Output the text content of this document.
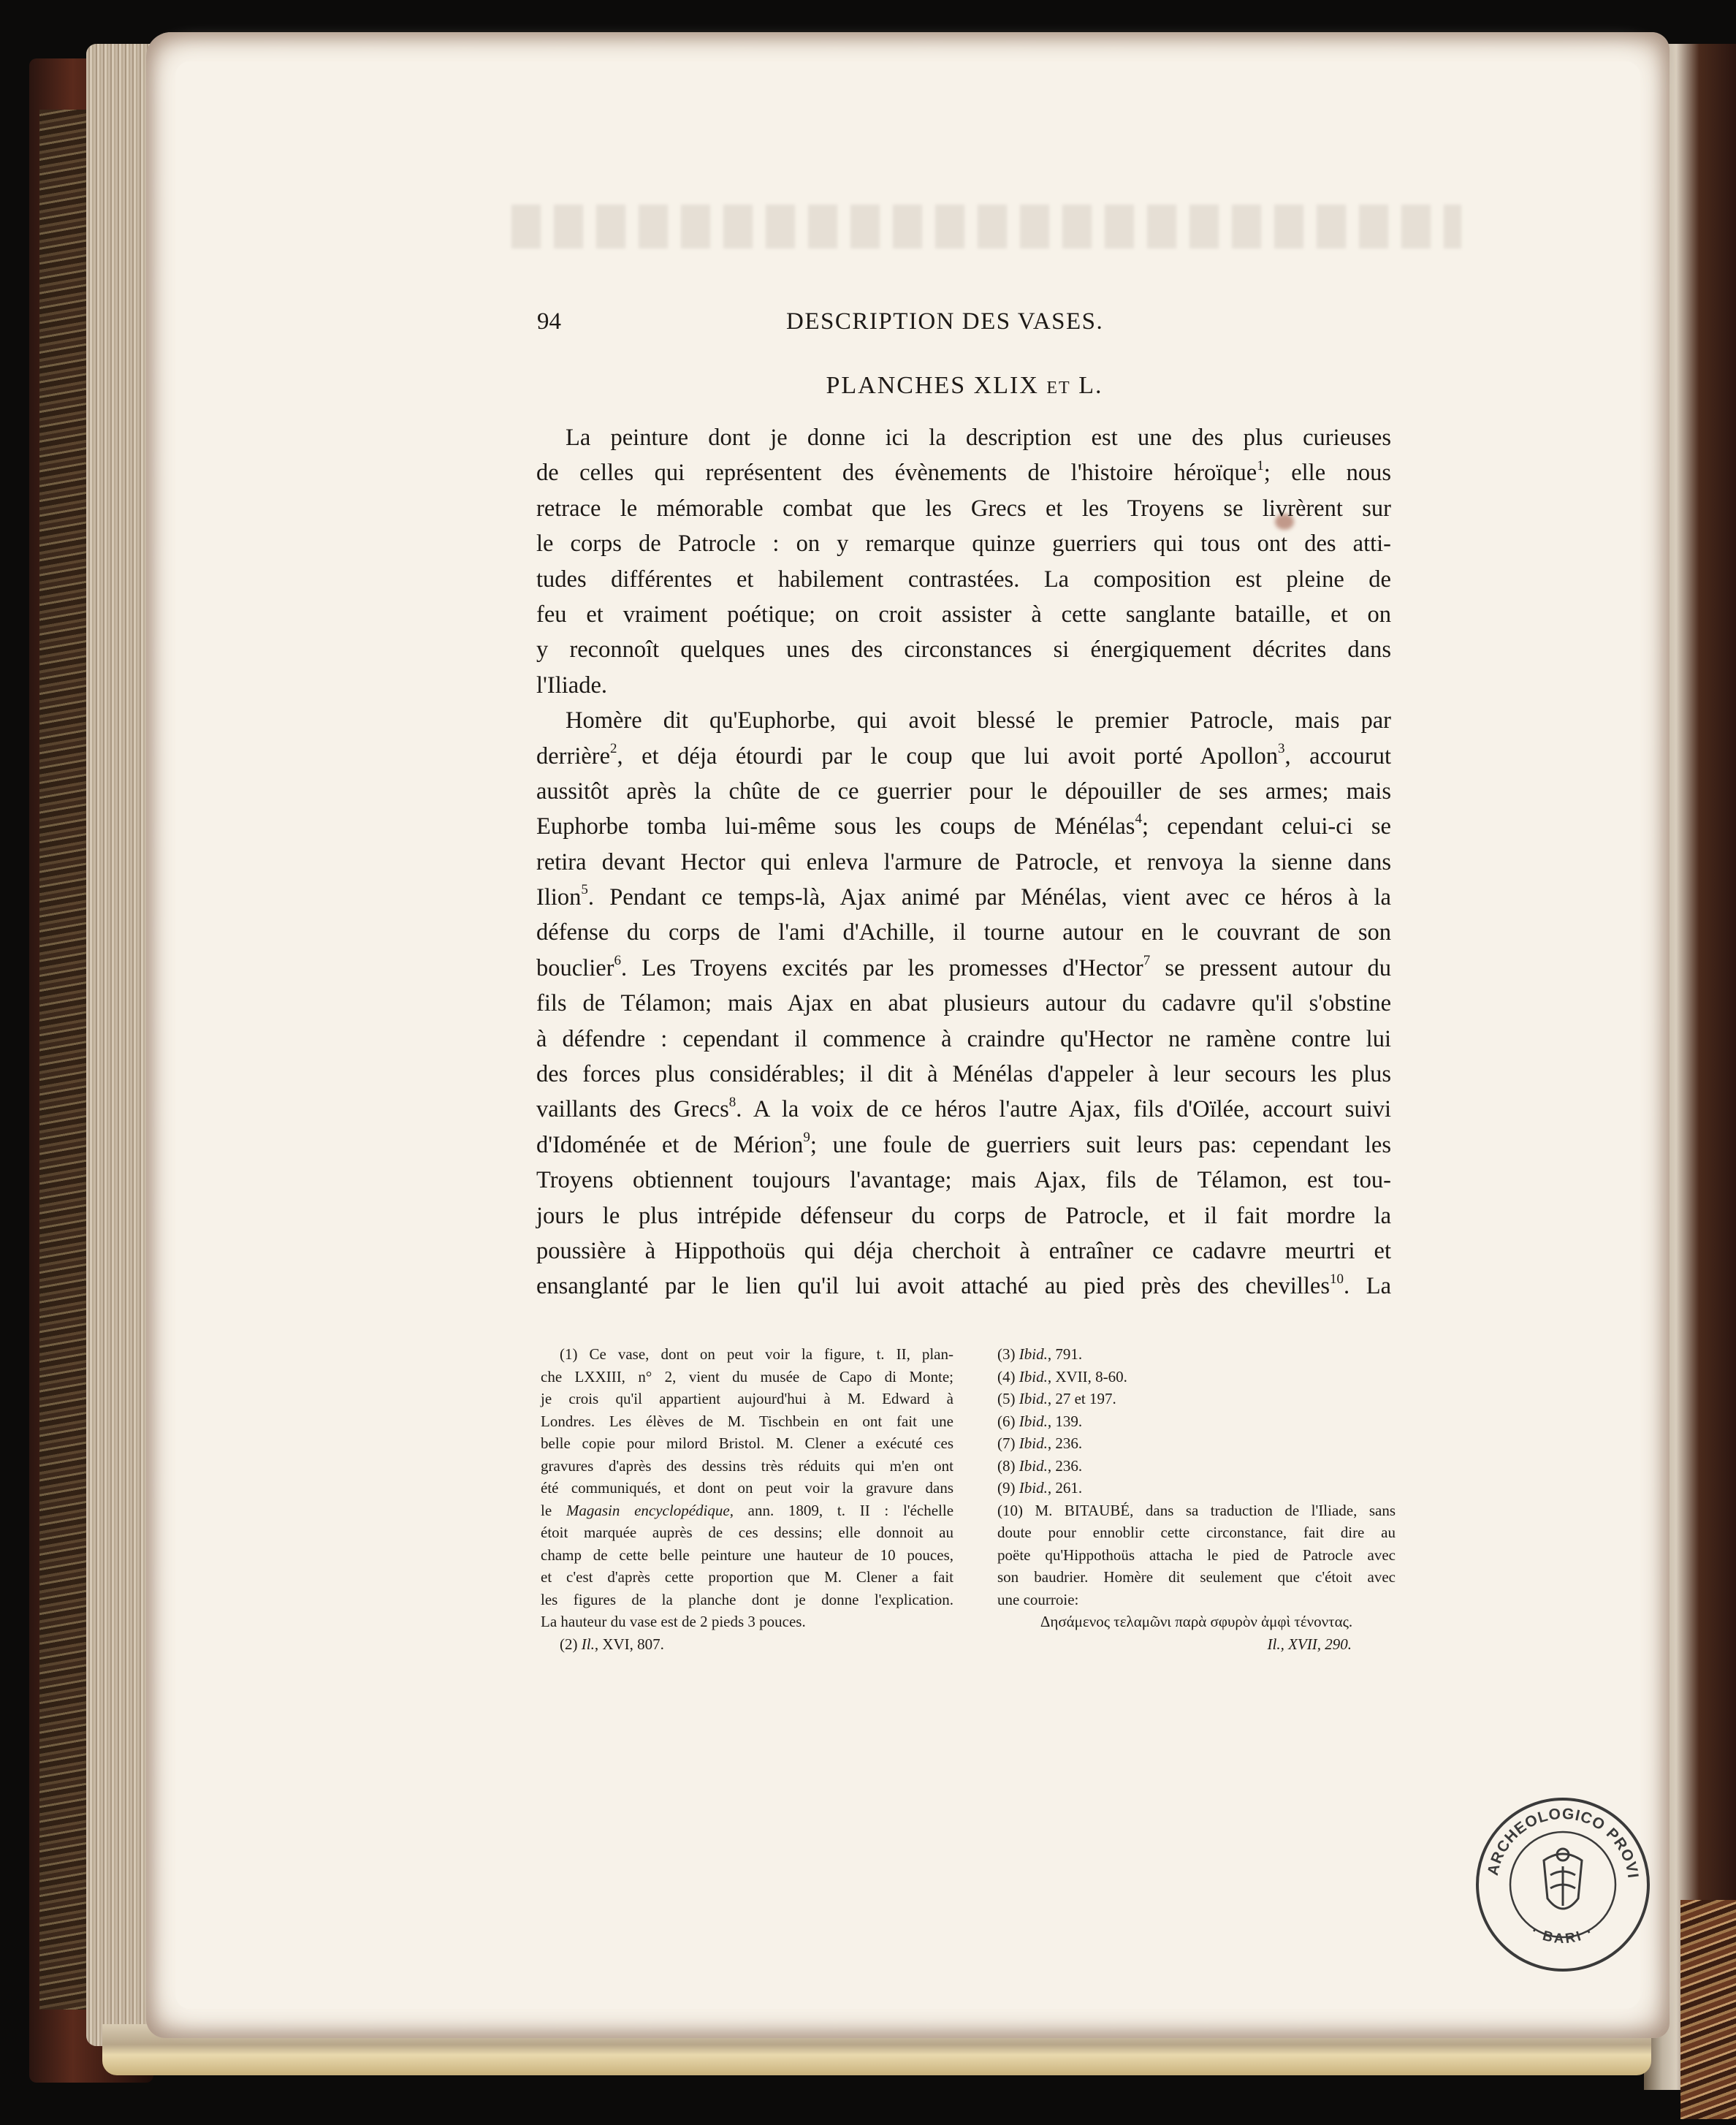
94	DESCRIPTION DES VASES.
PLANCHES XLIX ET L.
La peinture dont je donne ici la description est une des plus curieuses
de celles qui représentent des évènements de l'histoire héroïque$^1$; elle nous
retrace le mémorable combat que les Grecs et les Troyens se livrèrent sur
le corps de Patrocle : on y remarque quinze guerriers qui tous ont des atti-
tudes différentes et habilement contrastées. La composition est pleine de
feu et vraiment poétique; on croit assister à cette sanglante bataille, et on
y reconnoît quelques unes des circonstances si énergiquement décrites dans
l'Iliade.
Homère dit qu'Euphorbe, qui avoit blessé le premier Patrocle, mais par
derrière$^2$, et déja étourdi par le coup que lui avoit porté Apollon$^3$, accourut
aussitôt après la chûte de ce guerrier pour le dépouiller de ses armes; mais
Euphorbe tomba lui-même sous les coups de Ménélas$^4$; cependant celui-ci se
retira devant Hector qui enleva l'armure de Patrocle, et renvoya la sienne dans
Ilion$^5$. Pendant ce temps-là, Ajax animé par Ménélas, vient avec ce héros à la
défense du corps de l'ami d'Achille, il tourne autour en le couvrant de son
bouclier$^6$. Les Troyens excités par les promesses d'Hector$^7$ se pressent autour du
fils de Télamon; mais Ajax en abat plusieurs autour du cadavre qu'il s'obstine
à défendre : cependant il commence à craindre qu'Hector ne ramène contre lui
des forces plus considérables; il dit à Ménélas d'appeler à leur secours les plus
vaillants des Grecs$^8$. A la voix de ce héros l'autre Ajax, fils d'Oïlée, accourt suivi
d'Idoménée et de Mérion$^9$; une foule de guerriers suit leurs pas: cependant les
Troyens obtiennent toujours l'avantage; mais Ajax, fils de Télamon, est tou-
jours le plus intrépide défenseur du corps de Patrocle, et il fait mordre la
poussière à Hippothoüs qui déja cherchoit à entraîner ce cadavre meurtri et
ensanglanté par le lien qu'il lui avoit attaché au pied près des chevilles$^{10}$. La
(1) Ce vase, dont on peut voir la figure, t. II, plan-
che LXXIII, n° 2, vient du musée de Capo di Monte;
je crois qu'il appartient aujourd'hui à M. Edward à
Londres. Les élèves de M. Tischbein en ont fait une
belle copie pour milord Bristol. M. Clener a exécuté ces
gravures d'après des dessins très réduits qui m'en ont
été communiqués, et dont on peut voir la gravure dans
le Magasin encyclopédique, ann. 1809, t. II : l'échelle
étoit marquée auprès de ces dessins; elle donnoit au
champ de cette belle peinture une hauteur de 10 pouces,
et c'est d'après cette proportion que M. Clener a fait
les figures de la planche dont je donne l'explication.
La hauteur du vase est de 2 pieds 3 pouces.
(2) Il., XVI, 807.
(3) Ibid., 791.
(4) Ibid., XVII, 8-60.
(5) Ibid., 27 et 197.
(6) Ibid., 139.
(7) Ibid., 236.
(8) Ibid., 236.
(9) Ibid., 261.
(10) M. BITAUBÉ, dans sa traduction de l'Iliade, sans
doute pour ennoblir cette circonstance, fait dire au
poëte qu'Hippothoüs attacha le pied de Patrocle avec
son baudrier. Homère dit seulement que c'étoit avec
une courroie:
Δησάμενος τελαμῶνι παρὰ σφυρὸν ἀμφὶ τένοντας.
Il., XVII, 290.
ARCHEOLOGICO PROVI
· BARI ·
